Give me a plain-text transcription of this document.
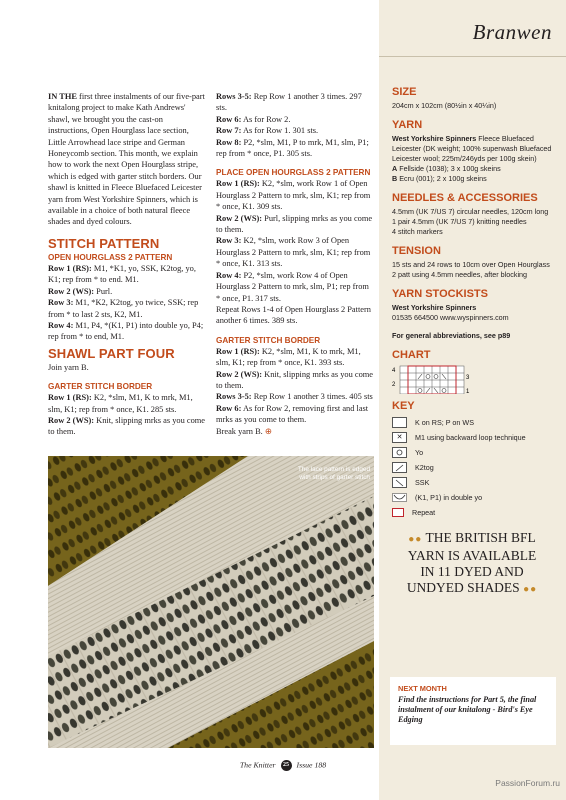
Branwen

IN THE first three instalments of our five-part knitalong project to make Kath Andrews' shawl, we brought you the cast-on instructions, Open Hourglass lace section, Little Arrowhead lace stripe and German Honeycomb section. This month, we explain how to work the next Open Hourglass stripe, which is edged with garter stitch borders. Our shawl is knitted in Fleece Bluefaced Leicester yarn from West Yorkshire Spinners, which is available in a choice of both natural fleece shades and dyed colours.

STITCH PATTERN
OPEN HOURGLASS 2 PATTERN
Row 1 (RS): M1, *K1, yo, SSK, K2tog, yo, K1; rep from * to end. M1.
Row 2 (WS): Purl.
Row 3: M1, *K2, K2tog, yo twice, SSK; rep from * to last 2 sts, K2, M1.
Row 4: M1, P4, *(K1, P1) into double yo, P4; rep from * to end, M1.
SHAWL PART FOUR
Join yarn B.
GARTER STITCH BORDER
Row 1 (RS): K2, *slm, M1, K to mrk, M1, slm, K1; rep from * once, K1. 285 sts.
Row 2 (WS): Knit, slipping mrks as you come to them.
Rows 3-5: Rep Row 1 another 3 times. 297 sts.
Row 6: As for Row 2.
Row 7: As for Row 1. 301 sts.
Row 8: P2, *slm, M1, P to mrk, M1, slm, P1; rep from * once, P1. 305 sts.
PLACE OPEN HOURGLASS 2 PATTERN
Row 1 (RS): K2, *slm, work Row 1 of Open Hourglass 2 Pattern to mrk, slm, K1; rep from * once, K1. 309 sts.
Row 2 (WS): Purl, slipping mrks as you come to them.
Row 3: K2, *slm, work Row 3 of Open Hourglass 2 Pattern to mrk, slm, K1; rep from * once, K1. 313 sts.
Row 4: P2, *slm, work Row 4 of Open Hourglass 2 Pattern to mrk, slm, P1; rep from * once, P1. 317 sts.
Repeat Rows 1-4 of Open Hourglass 2 Pattern another 6 times. 389 sts.
GARTER STITCH BORDER
Row 1 (RS): K2, *slm, M1, K to mrk, M1, slm, K1; rep from * once, K1. 393 sts.
Row 2 (WS): Knit, slipping mrks as you come to them.
Rows 3-5: Rep Row 1 another 3 times. 405 sts
Row 6: As for Row 2, removing first and last mrks as you come to them.
Break yarn B. ⊕
The lace pattern is edged with strips of garter stitch
SIZE

204cm x 102cm (80½in x 40¼in)

YARN

West Yorkshire Spinners Fleece Bluefaced Leicester (DK weight; 100% superwash Bluefaced Leicester wool; 225m/246yds per 100g skein)

A Fellside (1038); 3 x 100g skeins

B Ecru (001); 2 x 100g skeins

NEEDLES & ACCESSORIES

4.5mm (UK 7/US 7) circular needles, 120cm long

1 pair 4.5mm (UK 7/US 7) knitting needles

4 stitch markers

TENSION

15 sts and 24 rows to 10cm over Open Hourglass 2 patt using 4.5mm needles, after blocking

YARN STOCKISTS

West Yorkshire Spinners

01535 664500 www.wyspinners.com

For general abbreviations, see p89

CHART
4
3
2
1
KEY
K on RS; P on WS
✕	M1 using backward loop technique
Yo
K2tog
SSK
(K1, P1) in double yo
Repeat
●● THE BRITISH BFL
YARN IS AVAILABLE
IN 11 DYED AND
UNDYED SHADES ●●
NEXT MONTH
Find the instructions for Part 5, the final instalment of our knitalong - Bird's Eye Edging
The Knitter 25 Issue 188
PassionForum.ru
